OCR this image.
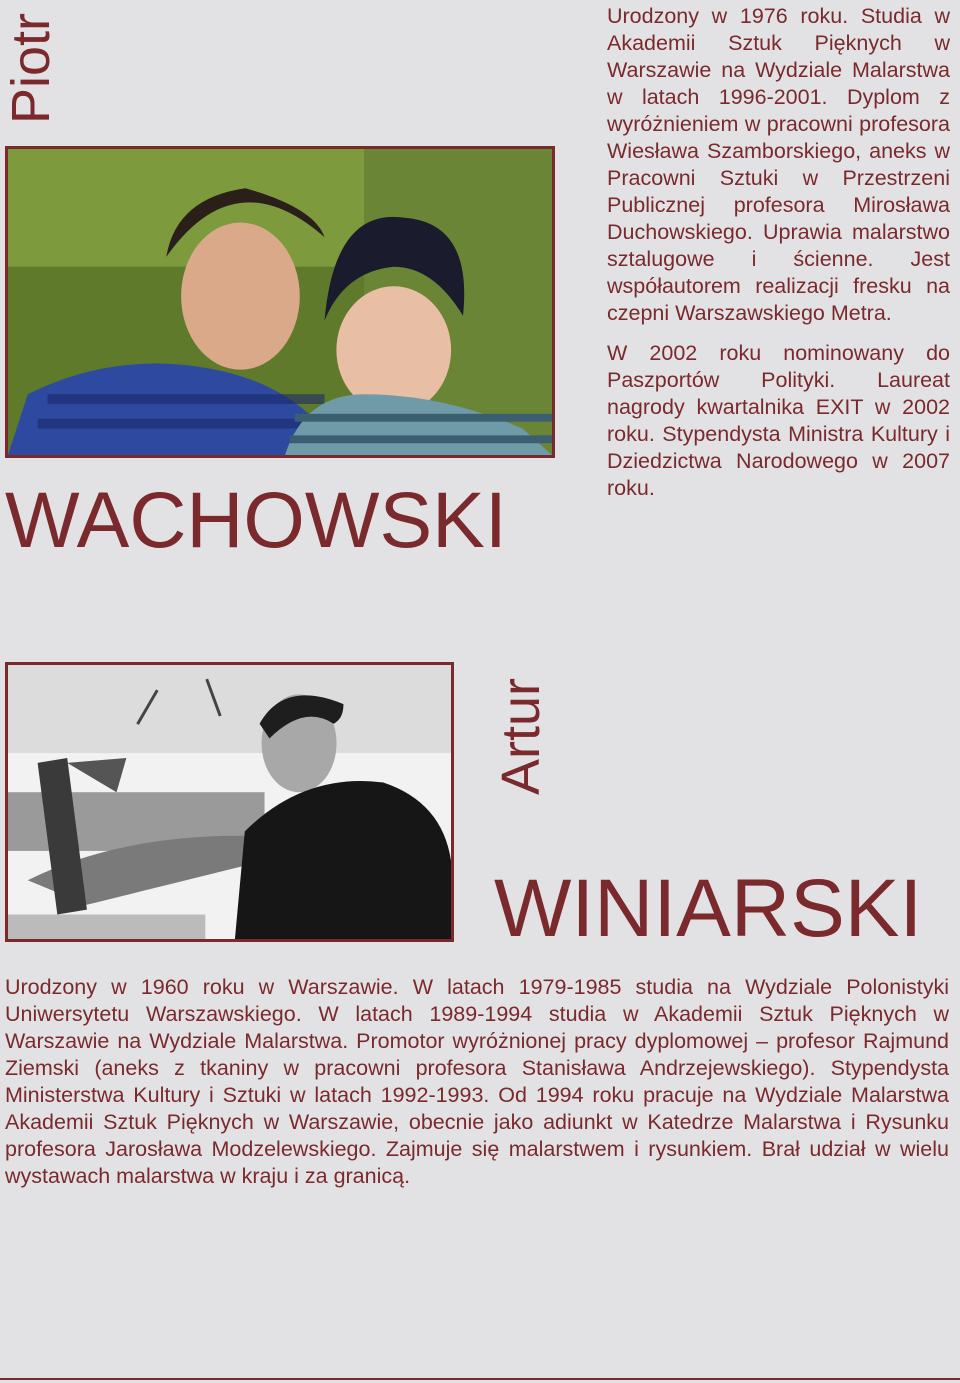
Piotr
WACHOWSKI

Urodzony w 1976 roku. Studia w Akademii Sztuk Pięknych w Warszawie na Wydziale Malarstwa w latach 1996-2001. Dyplom z wyróżnieniem w pracowni profesora Wiesława Szamborskiego, aneks w Pracowni Sztuki w Przestrzeni Publicznej profesora Mirosława Duchowskiego. Uprawia malarstwo sztalugowe i ścienne. Jest współautorem realizacji fresku na czepni Warszawskiego Metra.

W 2002 roku nominowany do Paszportów Polityki. Laureat nagrody kwartalnika EXIT w 2002 roku. Stypendysta Ministra Kultury i Dziedzictwa Narodowego w 2007 roku.

Artur
WINIARSKI

Urodzony w 1960 roku w Warszawie. W latach 1979-1985 studia na Wydziale Polonistyki Uniwersytetu Warszawskiego. W latach 1989-1994 studia w Akademii Sztuk Pięknych w Warszawie na Wydziale Malarstwa. Promotor wyróżnionej pracy dyplomowej – profesor Rajmund Ziemski (aneks z tkaniny w pracowni profesora Stanisława Andrzejewskiego). Stypendysta Ministerstwa Kultury i Sztuki w latach 1992-1993. Od 1994 roku pracuje na Wydziale Malarstwa Akademii Sztuk Pięknych w Warszawie, obecnie jako adiunkt w Katedrze Malarstwa i Rysunku profesora Jarosława Modzelewskiego. Zajmuje się malarstwem i rysunkiem. Brał udział w wielu wystawach malarstwa w kraju i za granicą.
